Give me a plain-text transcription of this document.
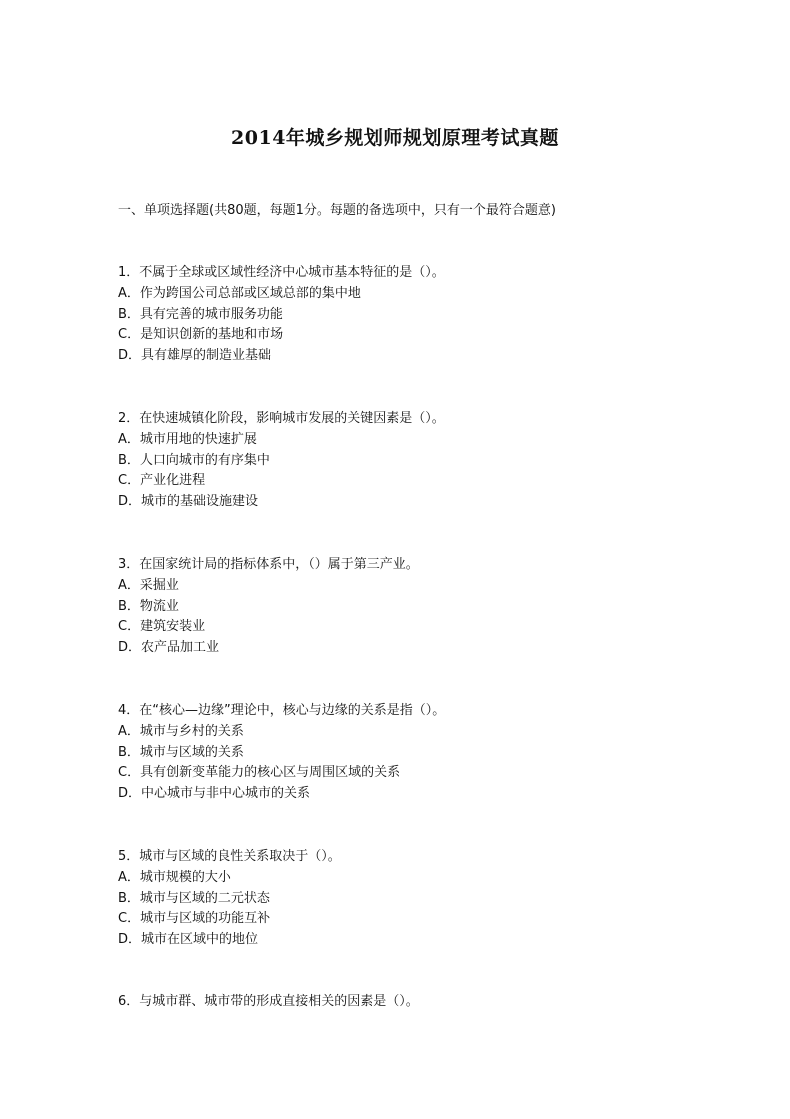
2014年城乡规划师规划原理考试真题
一、单项选择题(共80题，每题1分。每题的备选项中，只有一个最符合题意)
1．不属于全球或区域性经济中心城市基本特征的是（）。
A．作为跨国公司总部或区域总部的集中地
B．具有完善的城市服务功能
C．是知识创新的基地和市场
D．具有雄厚的制造业基础
2．在快速城镇化阶段，影响城市发展的关键因素是（）。
A．城市用地的快速扩展
B．人口向城市的有序集中
C．产业化进程
D．城市的基础设施建设
3．在国家统计局的指标体系中，（）属于第三产业。
A．采掘业
B．物流业
C．建筑安装业
D．农产品加工业
4．在“核心—边缘”理论中，核心与边缘的关系是指（）。
A．城市与乡村的关系
B．城市与区域的关系
C．具有创新变革能力的核心区与周围区域的关系
D．中心城市与非中心城市的关系
5．城市与区域的良性关系取决于（）。
A．城市规模的大小
B．城市与区域的二元状态
C．城市与区域的功能互补
D．城市在区域中的地位
6．与城市群、城市带的形成直接相关的因素是（）。
